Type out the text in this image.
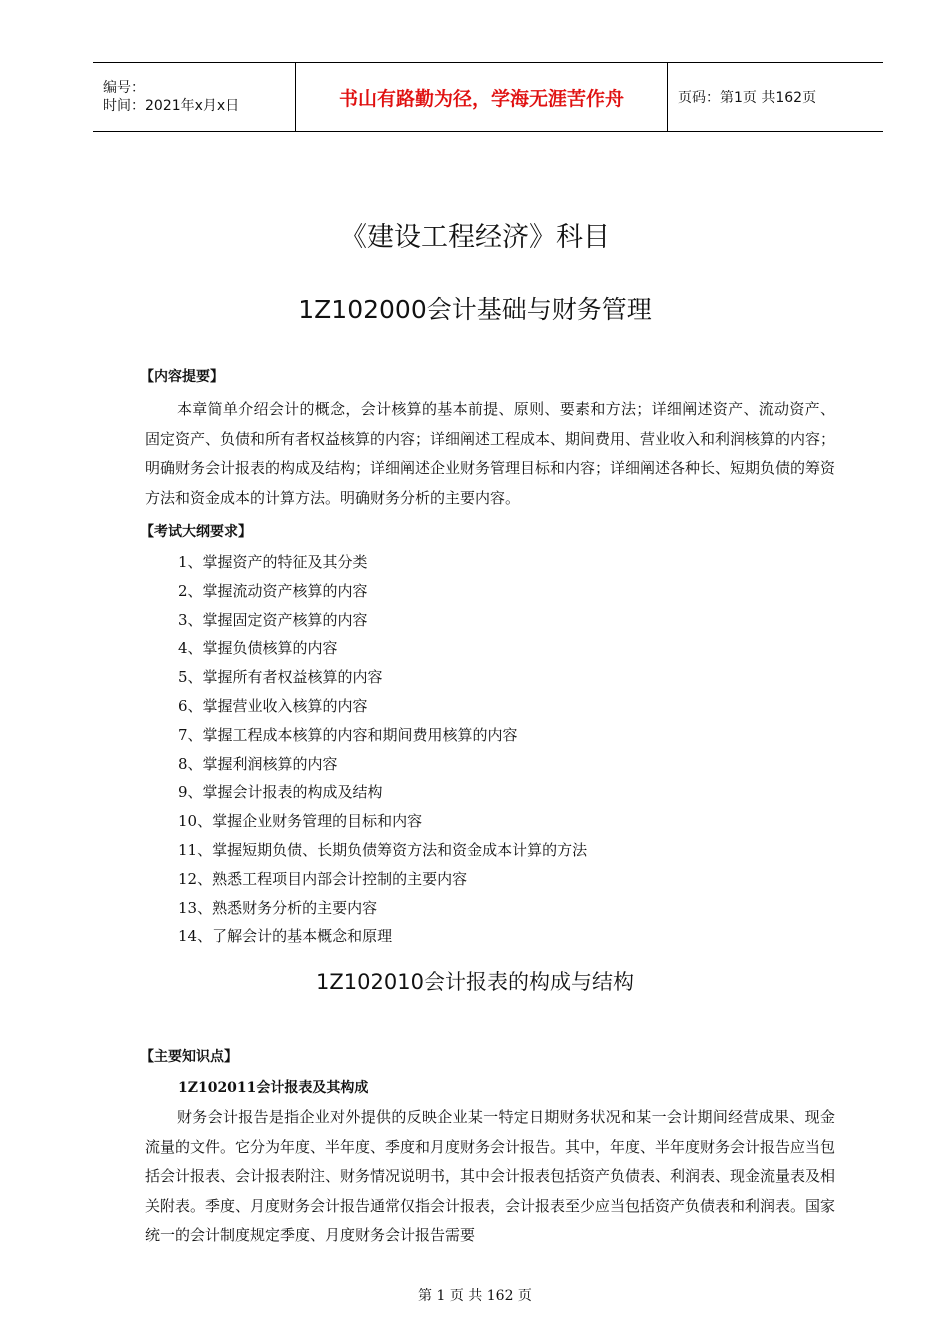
编号：
时间：2021年x月x日	书山有路勤为径，学海无涯苦作舟	页码：第1页 共162页
《建设工程经济》科目
1Z102000会计基础与财务管理
【内容提要】
本章简单介绍会计的概念，会计核算的基本前提、原则、要素和方法；详细阐述资产、流动资产、固定资产、负债和所有者权益核算的内容；详细阐述工程成本、期间费用、营业收入和利润核算的内容；明确财务会计报表的构成及结构；详细阐述企业财务管理目标和内容；详细阐述各种长、短期负债的筹资方法和资金成本的计算方法。明确财务分析的主要内容。
【考试大纲要求】
1、掌握资产的特征及其分类
2、掌握流动资产核算的内容
3、掌握固定资产核算的内容
4、掌握负债核算的内容
5、掌握所有者权益核算的内容
6、掌握营业收入核算的内容
7、掌握工程成本核算的内容和期间费用核算的内容
8、掌握利润核算的内容
9、掌握会计报表的构成及结构
10、掌握企业财务管理的目标和内容
11、掌握短期负债、长期负债筹资方法和资金成本计算的方法
12、熟悉工程项目内部会计控制的主要内容
13、熟悉财务分析的主要内容
14、了解会计的基本概念和原理
1Z102010会计报表的构成与结构
【主要知识点】
1Z102011会计报表及其构成
财务会计报告是指企业对外提供的反映企业某一特定日期财务状况和某一会计期间经营成果、现金流量的文件。它分为年度、半年度、季度和月度财务会计报告。其中，年度、半年度财务会计报告应当包括会计报表、会计报表附注、财务情况说明书，其中会计报表包括资产负债表、利润表、现金流量表及相关附表。季度、月度财务会计报告通常仅指会计报表，会计报表至少应当包括资产负债表和利润表。国家统一的会计制度规定季度、月度财务会计报告需要
第 1 页 共 162 页
